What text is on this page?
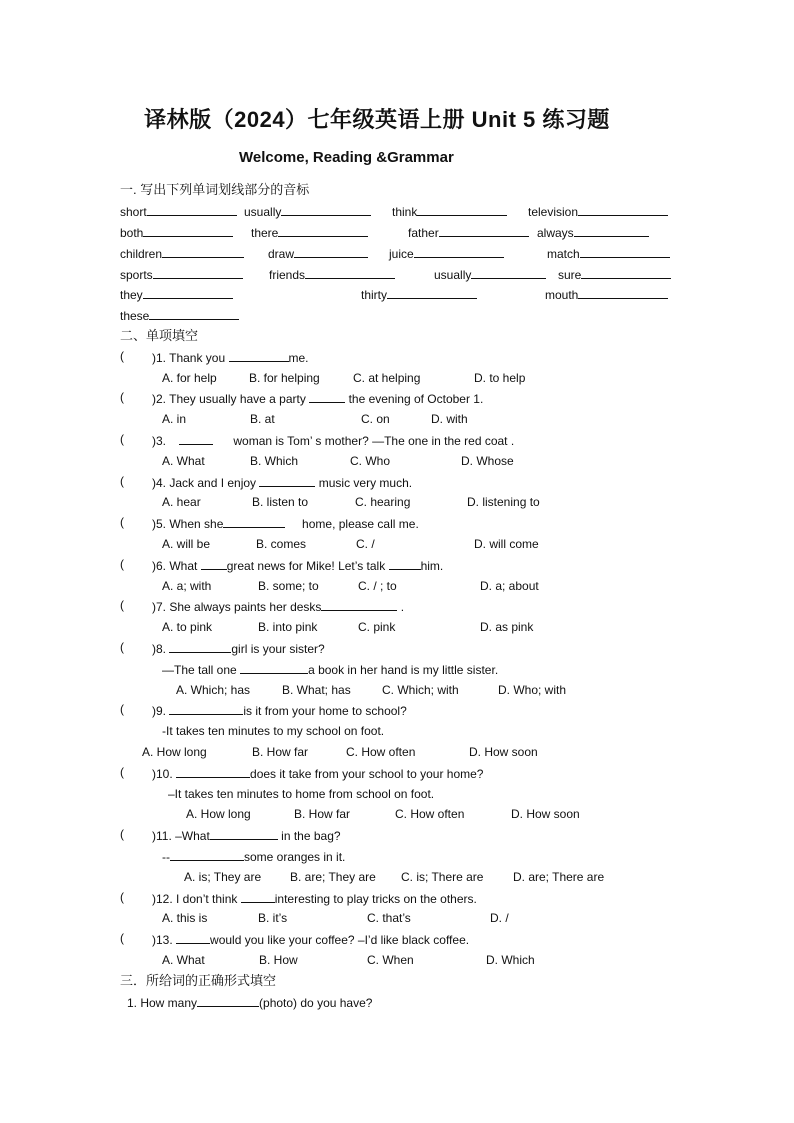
译林版（2024）七年级英语上册 Unit 5 练习题
Welcome, Reading &Grammar
一. 写出下列单词划线部分的音标
short	usually	think	television
both	there	father	always
children	draw	juice	match
sports	friends	usually	sure
they	thirty	mouth
these
二、单项填空
( )1. Thank you	me.
A. for help	B. for helping	C. at helping	D. to help
( )2. They usually have a party	the evening of October 1.
A. in	B. at	C. on	D. with
( )3.	woman is Tom’ s mother? —The one in the red coat .
A. What	B. Which	C. Who	D. Whose
( )4. Jack and I enjoy	music very much.
A. hear	B. listen to	C. hearing	D. listening to
( )5. When she	home, please call me.
A. will be	B. comes	C. /	D. will come
( )6. What great news for Mike! Let’s talk	him.
A. a; with	B. some; to	C. / ; to	D. a; about
( )7. She always paints her desks	.
A. to pink	B. into pink	C. pink	D. as pink
( )8.	girl is your sister?
—The tall one	a book in her hand is my little sister.
A. Which; has	B. What; has	C. Which; with	D. Who; with
( )9.	is it from your home to school?
-It takes ten minutes to my school on foot.
A. How long	B. How far	C. How often	D. How soon
( )10.	does it take from your school to your home?
–It takes ten minutes to home from school on foot.
A. How long	B. How far	C. How often	D. How soon
( )11. –What	in the bag?
--	some oranges in it.
A. is; They are B. are; They are C. is; There are D. are; There are
( )12. I don’t think	interesting to play tricks on the others.
A. this is	B. it’s	C. that’s	D. /
( )13.	would you like your coffee? –I’d like black coffee.
A. What	B. How	C. When	D. Which
三．所给词的正确形式填空
1. How many	(photo) do you have?
